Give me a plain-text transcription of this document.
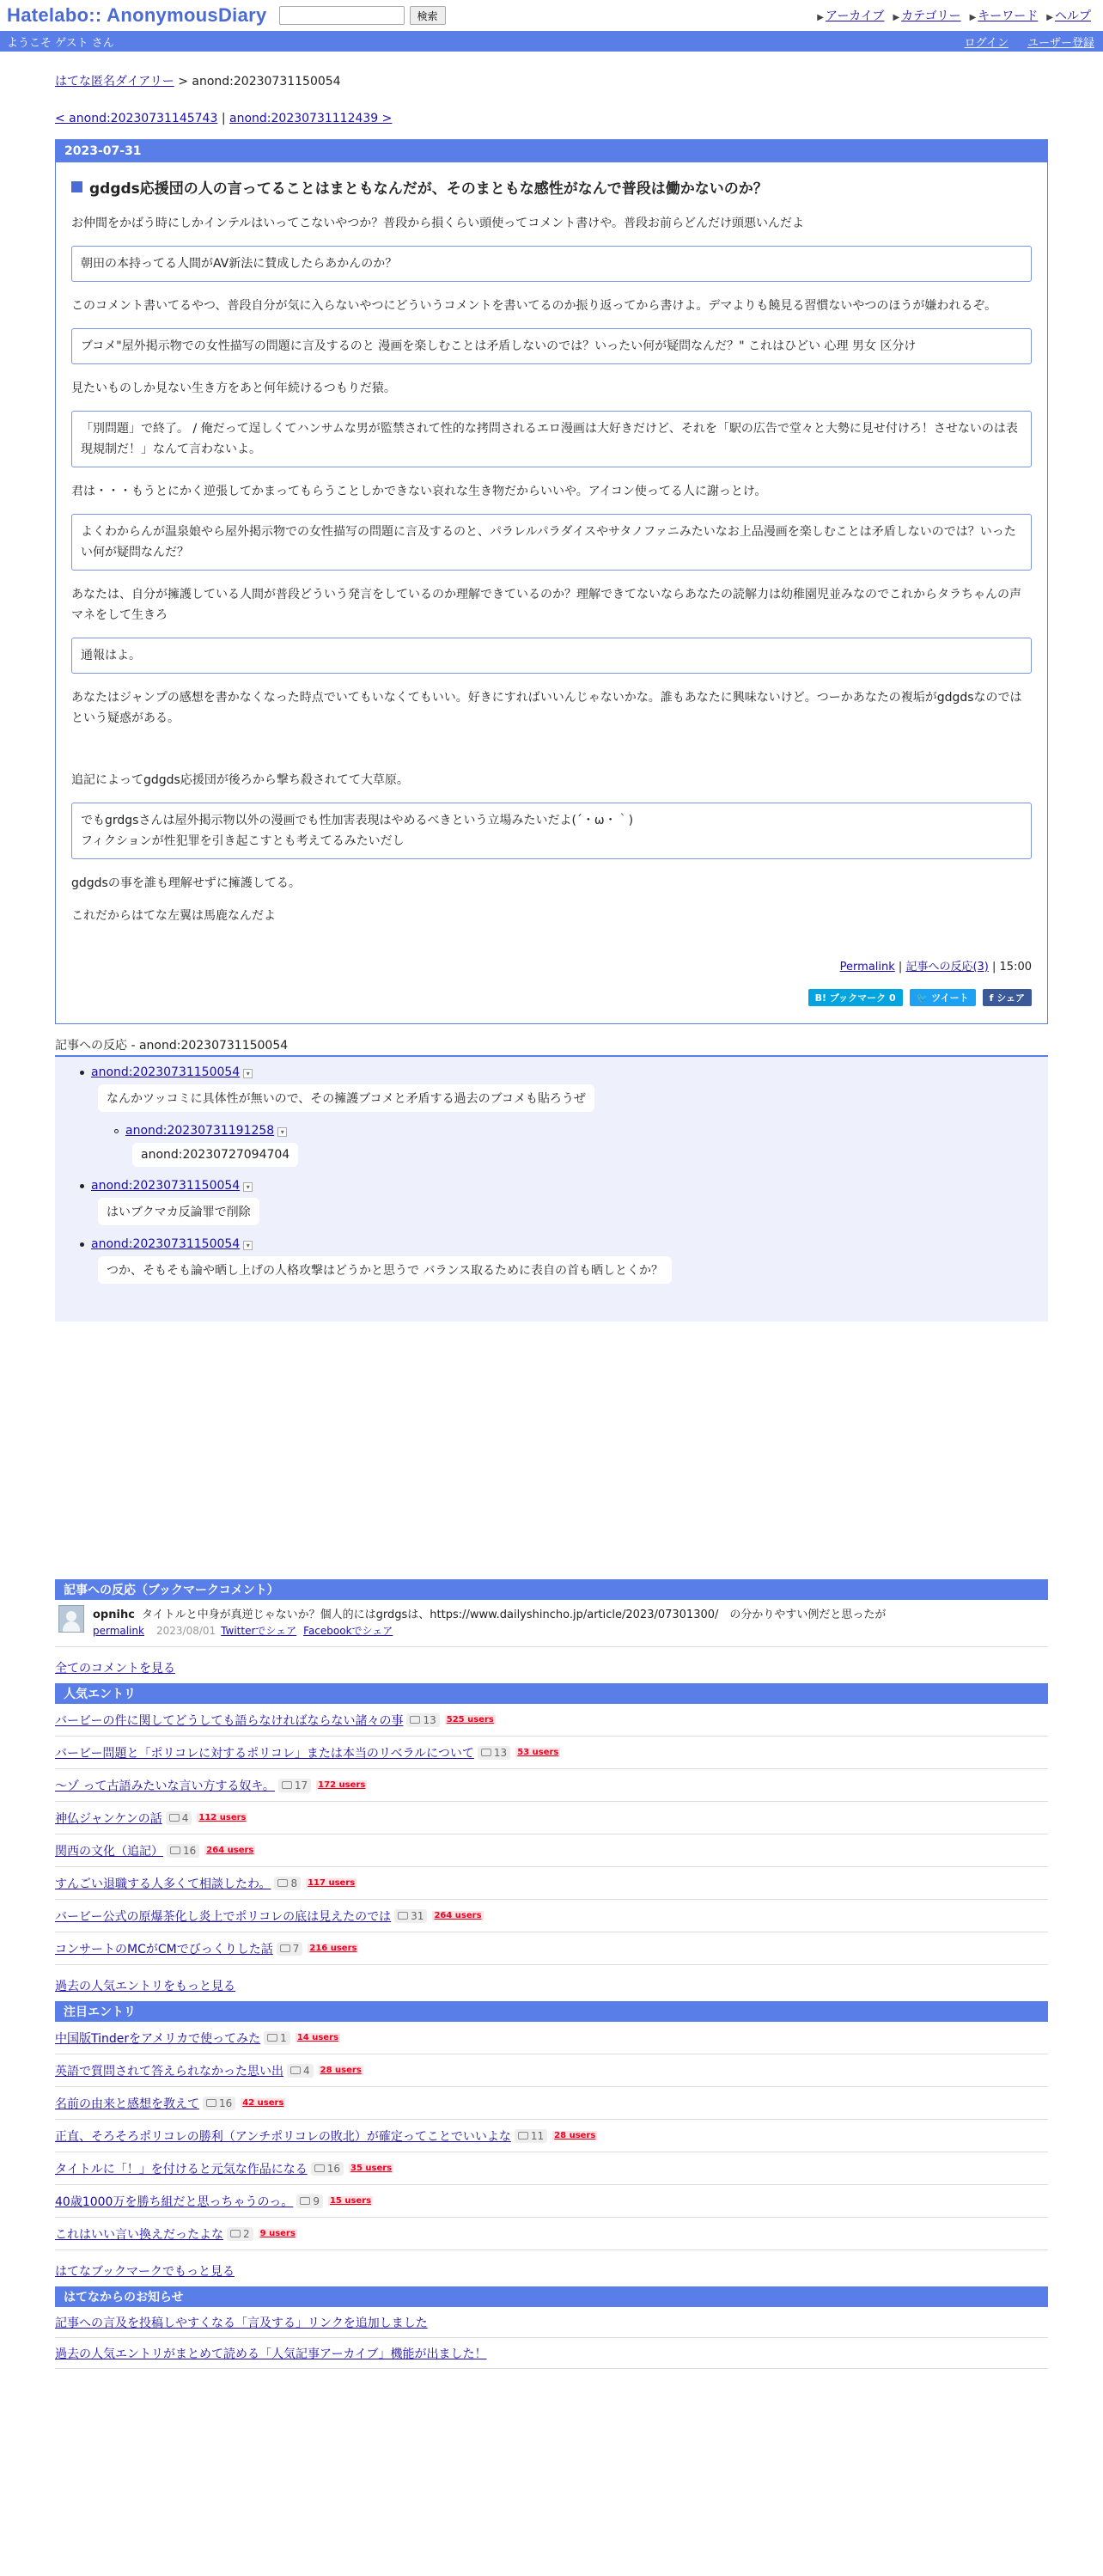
Hatelabo:: AnonymousDiary	検索	▶ アーカイブ ▶ カテゴリー ▶ キーワード ▶ ヘルプ
ようこそ ゲスト さん	ログイン ユーザー登録
はてな匿名ダイアリー > anond:20230731150054
< anond:20230731145743 | anond:20230731112439 >
2023-07-31
gdgds応援団の人の言ってることはまともなんだが、そのまともな感性がなんで普段は働かないのか？

お仲間をかばう時にしかインテルはいってこないやつか？普段から損くらい頭使ってコメント書けや。普段お前らどんだけ頭悪いんだよ

朝田の本持ってる人間がAV新法に賛成したらあかんのか？

このコメント書いてるやつ、普段自分が気に入らないやつにどういうコメントを書いてるのか振り返ってから書けよ。デマよりも饒見る習慣ないやつのほうが嫌われるぞ。

ブコメ"屋外掲示物での女性描写の問題に言及するのと 漫画を楽しむことは矛盾しないのでは？いったい何が疑問なんだ？" これはひどい 心理 男女 区分け

見たいものしか見ない生き方をあと何年続けるつもりだ猿。

「別問題」で終了。 / 俺だって逞しくてハンサムな男が監禁されて性的な拷問されるエロ漫画は大好きだけど、それを「駅の広告で堂々と大勢に見せ付けろ！させないのは表現規制だ！」なんて言わないよ。

君は・・・もうとにかく逆張してかまってもらうことしかできない哀れな生き物だからいいや。アイコン使ってる人に謝っとけ。

よくわからんが温泉娘やら屋外掲示物での女性描写の問題に言及するのと、パラレルパラダイスやサタノファニみたいなお上品漫画を楽しむことは矛盾しないのでは？いったい何が疑問なんだ？

あなたは、自分が擁護している人間が普段どういう発言をしているのか理解できているのか？理解できてないならあなたの読解力は幼稚園児並みなのでこれからタラちゃんの声マネをして生きろ

通報はよ。

あなたはジャンプの感想を書かなくなった時点でいてもいなくてもいい。好きにすればいいんじゃないかな。誰もあなたに興味ないけど。つーかあなたの複垢がgdgdsなのではという疑惑がある。

追記によってgdgds応援団が後ろから撃ち殺されてて大草原。

でもgrdgsさんは屋外掲示物以外の漫画でも性加害表現はやめるべきという立場みたいだよ(´・ω・｀)
フィクションが性犯罪を引き起こすとも考えてるみたいだし

gdgdsの事を誰も理解せずに擁護してる。

これだからはてな左翼は馬鹿なんだよ

Permalink | 記事への反応(3) | 15:00
B! ブックマーク 0	🐦 ツイート f シェア
記事への反応 - anond:20230731150054
anond:20230731150054 ▾
なんかツッコミに具体性が無いので、その擁護ブコメと矛盾する過去のブコメも貼ろうぜ
anond:20230731191258 ▾
anond:20230727094704
anond:20230731150054 ▾
はいブクマカ反論罪で削除
anond:20230731150054 ▾
つか、そもそも論や晒し上げの人格攻撃はどうかと思うで バランス取るために表自の首も晒しとくか？
記事への反応（ブックマークコメント）
opnihc タイトルと中身が真逆じゃないか？個人的にはgrdgsは、https://www.dailyshincho.jp/article/2023/07301300/　の分かりやすい例だと思ったが
permalink 2023/08/01 Twitterでシェア Facebookでシェア
全てのコメントを見る
人気エントリ
バービーの件に関してどうしても語らなければならない諸々の事 13 525 users
バービー問題と「ポリコレに対するポリコレ」または本当のリベラルについて 13 53 users
〜ゾ って古語みたいな言い方する奴キ。 17 172 users
神仏ジャンケンの話 4 112 users
関西の文化（追記） 16 264 users
すんごい退職する人多くて相談したわ。 8 117 users
バービー公式の原爆茶化し炎上でポリコレの底は見えたのでは 31 264 users
コンサートのMCがCMでびっくりした話 7 216 users
過去の人気エントリをもっと見る
注目エントリ
中国版Tinderをアメリカで使ってみた 1 14 users
英語で質問されて答えられなかった思い出 4 28 users
名前の由来と感想を教えて 16 42 users
正直、そろそろポリコレの勝利（アンチポリコレの敗北）が確定ってことでいいよな 11 28 users
タイトルに「！」を付けると元気な作品になる 16 35 users
40歳1000万を勝ち組だと思っちゃうのっ。 9 15 users
これはいい言い換えだったよな 2 9 users
はてなブックマークでもっと見る
はてなからのお知らせ
記事への言及を投稿しやすくなる「言及する」リンクを追加しました
過去の人気エントリがまとめて読める「人気記事アーカイブ」機能が出ました！
